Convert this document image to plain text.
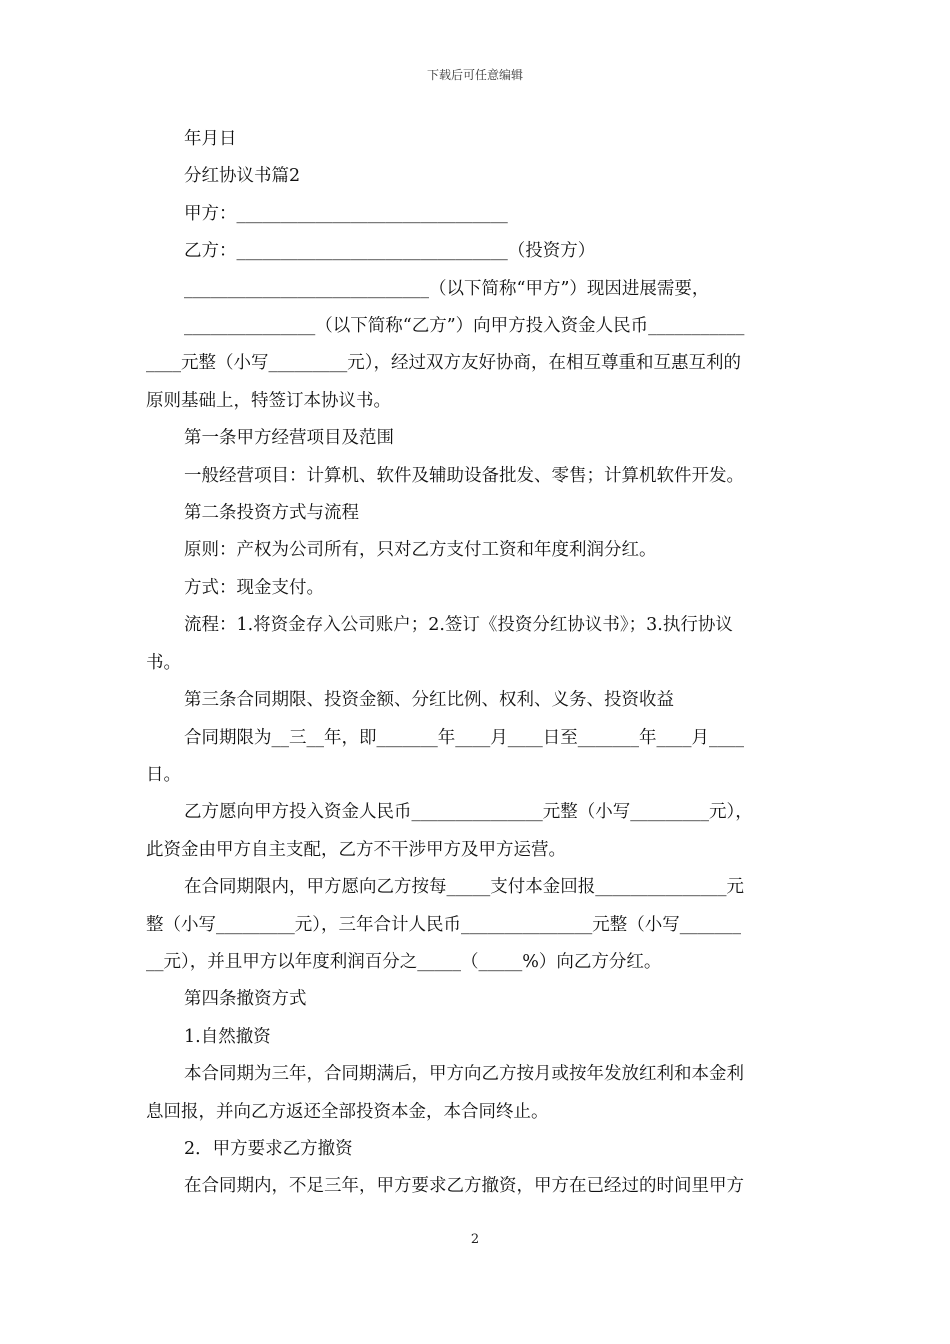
下载后可任意编辑
年月日
分红协议书篇2
甲方：_______________________________
乙方：_______________________________（投资方）
____________________________（以下简称“甲方”）现因进展需要，
_______________（以下简称“乙方”）向甲方投入资金人民币___________
____元整（小写_________元），经过双方友好协商，在相互尊重和互惠互利的
原则基础上，特签订本协议书。
第一条甲方经营项目及范围
一般经营项目：计算机、软件及辅助设备批发、零售；计算机软件开发。
第二条投资方式与流程
原则：产权为公司所有，只对乙方支付工资和年度利润分红。
方式：现金支付。
流程：1.将资金存入公司账户；2.签订《投资分红协议书》；3.执行协议
书。
第三条合同期限、投资金额、分红比例、权利、义务、投资收益
合同期限为__三__年，即_______年____月____日至_______年____月____
日。
乙方愿向甲方投入资金人民币_______________元整（小写_________元），
此资金由甲方自主支配，乙方不干涉甲方及甲方运营。
在合同期限内，甲方愿向乙方按每_____支付本金回报_______________元
整（小写_________元），三年合计人民币_______________元整（小写_______
__元），并且甲方以年度利润百分之_____（_____%）向乙方分红。
第四条撤资方式
1.自然撤资
本合同期为三年，合同期满后，甲方向乙方按月或按年发放红利和本金利
息回报，并向乙方返还全部投资本金，本合同终止。
2．甲方要求乙方撤资
在合同期内，不足三年，甲方要求乙方撤资，甲方在已经过的时间里甲方
2
